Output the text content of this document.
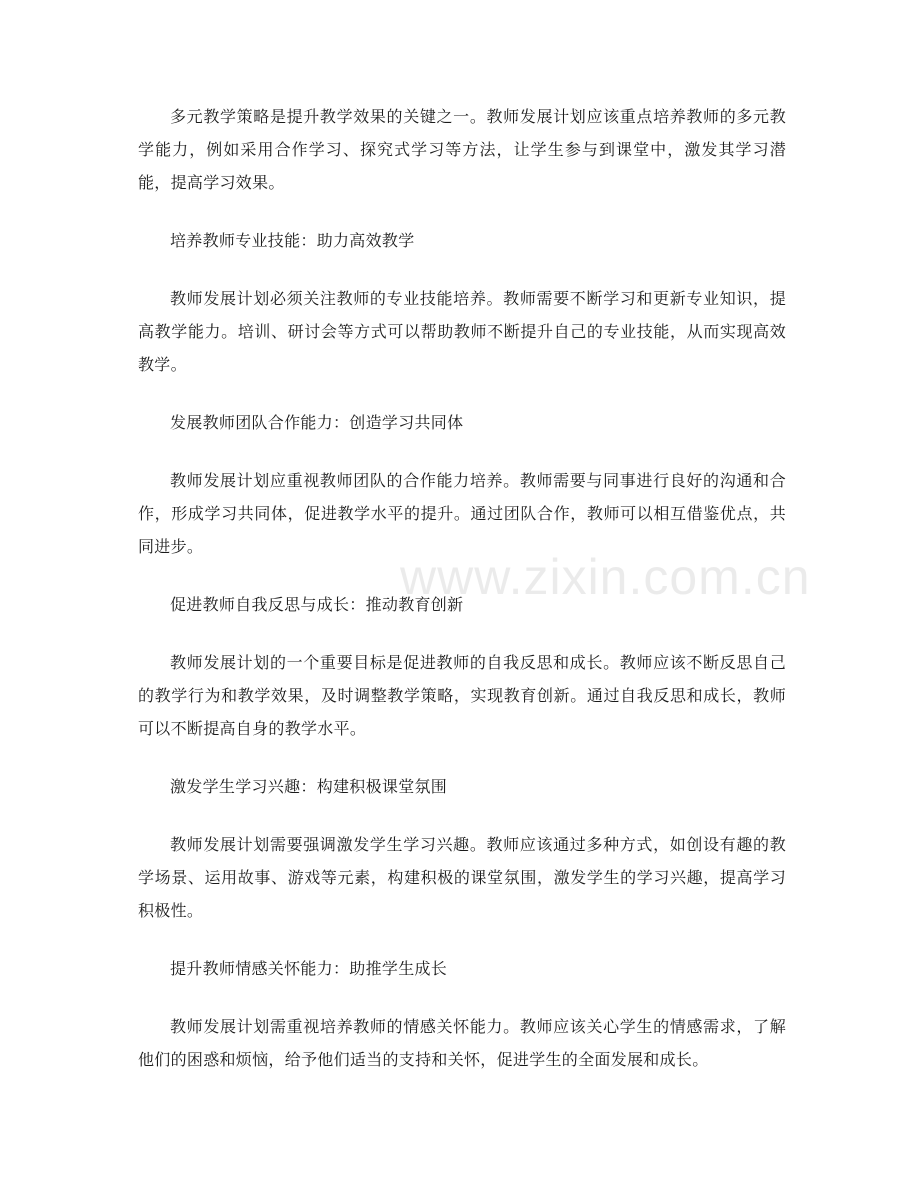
多元教学策略是提升教学效果的关键之一。教师发展计划应该重点培养教师的多元教学能力，例如采用合作学习、探究式学习等方法，让学生参与到课堂中，激发其学习潜能，提高学习效果。

培养教师专业技能：助力高效教学

教师发展计划必须关注教师的专业技能培养。教师需要不断学习和更新专业知识，提高教学能力。培训、研讨会等方式可以帮助教师不断提升自己的专业技能，从而实现高效教学。

发展教师团队合作能力：创造学习共同体

教师发展计划应重视教师团队的合作能力培养。教师需要与同事进行良好的沟通和合作，形成学习共同体，促进教学水平的提升。通过团队合作，教师可以相互借鉴优点，共同进步。

促进教师自我反思与成长：推动教育创新

教师发展计划的一个重要目标是促进教师的自我反思和成长。教师应该不断反思自己的教学行为和教学效果，及时调整教学策略，实现教育创新。通过自我反思和成长，教师可以不断提高自身的教学水平。

激发学生学习兴趣：构建积极课堂氛围

教师发展计划需要强调激发学生学习兴趣。教师应该通过多种方式，如创设有趣的教学场景、运用故事、游戏等元素，构建积极的课堂氛围，激发学生的学习兴趣，提高学习积极性。

提升教师情感关怀能力：助推学生成长

教师发展计划需重视培养教师的情感关怀能力。教师应该关心学生的情感需求，了解他们的困惑和烦恼，给予他们适当的支持和关怀，促进学生的全面发展和成长。

www.zixin.com.cn
